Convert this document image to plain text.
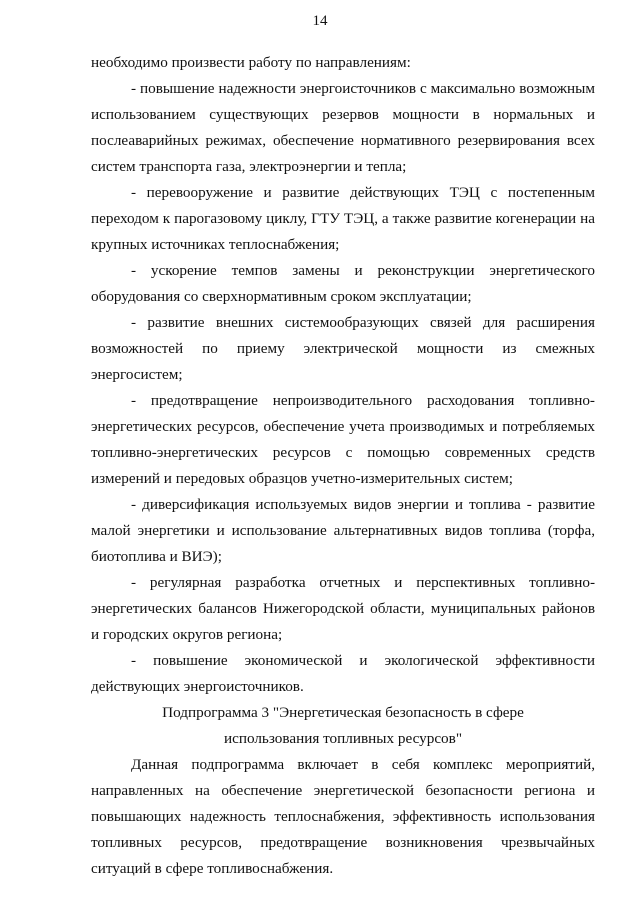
14

необходимо произвести работу по направлениям:

- повышение надежности энергоисточников с максимально возможным использованием существующих резервов мощности в нормальных и послеаварийных режимах, обеспечение нормативного резервирования всех систем транспорта газа, электроэнергии и тепла;

- перевооружение и развитие действующих ТЭЦ с постепенным переходом к парогазовому циклу, ГТУ ТЭЦ, а также развитие когенерации на крупных источниках теплоснабжения;

- ускорение темпов замены и реконструкции энергетического оборудования со сверхнормативным сроком эксплуатации;

- развитие внешних системообразующих связей для расширения возможностей по приему электрической мощности из смежных энергосистем;

- предотвращение непроизводительного расходования топливно-энергетических ресурсов, обеспечение учета производимых и потребляемых топливно-энергетических ресурсов с помощью современных средств измерений и передовых образцов учетно-измерительных систем;

- диверсификация используемых видов энергии и топлива - развитие малой энергетики и использование альтернативных видов топлива (торфа, биотоплива и ВИЭ);

- регулярная разработка отчетных и перспективных топливно-энергетических балансов Нижегородской области, муниципальных районов и городских округов региона;

- повышение экономической и экологической эффективности действующих энергоисточников.

Подпрограмма 3 "Энергетическая безопасность в сфере

использования топливных ресурсов"

Данная подпрограмма включает в себя комплекс мероприятий, направленных на обеспечение энергетической безопасности региона и повышающих надежность теплоснабжения, эффективность использования топливных ресурсов, предотвращение возникновения чрезвычайных ситуаций в сфере топливоснабжения.
